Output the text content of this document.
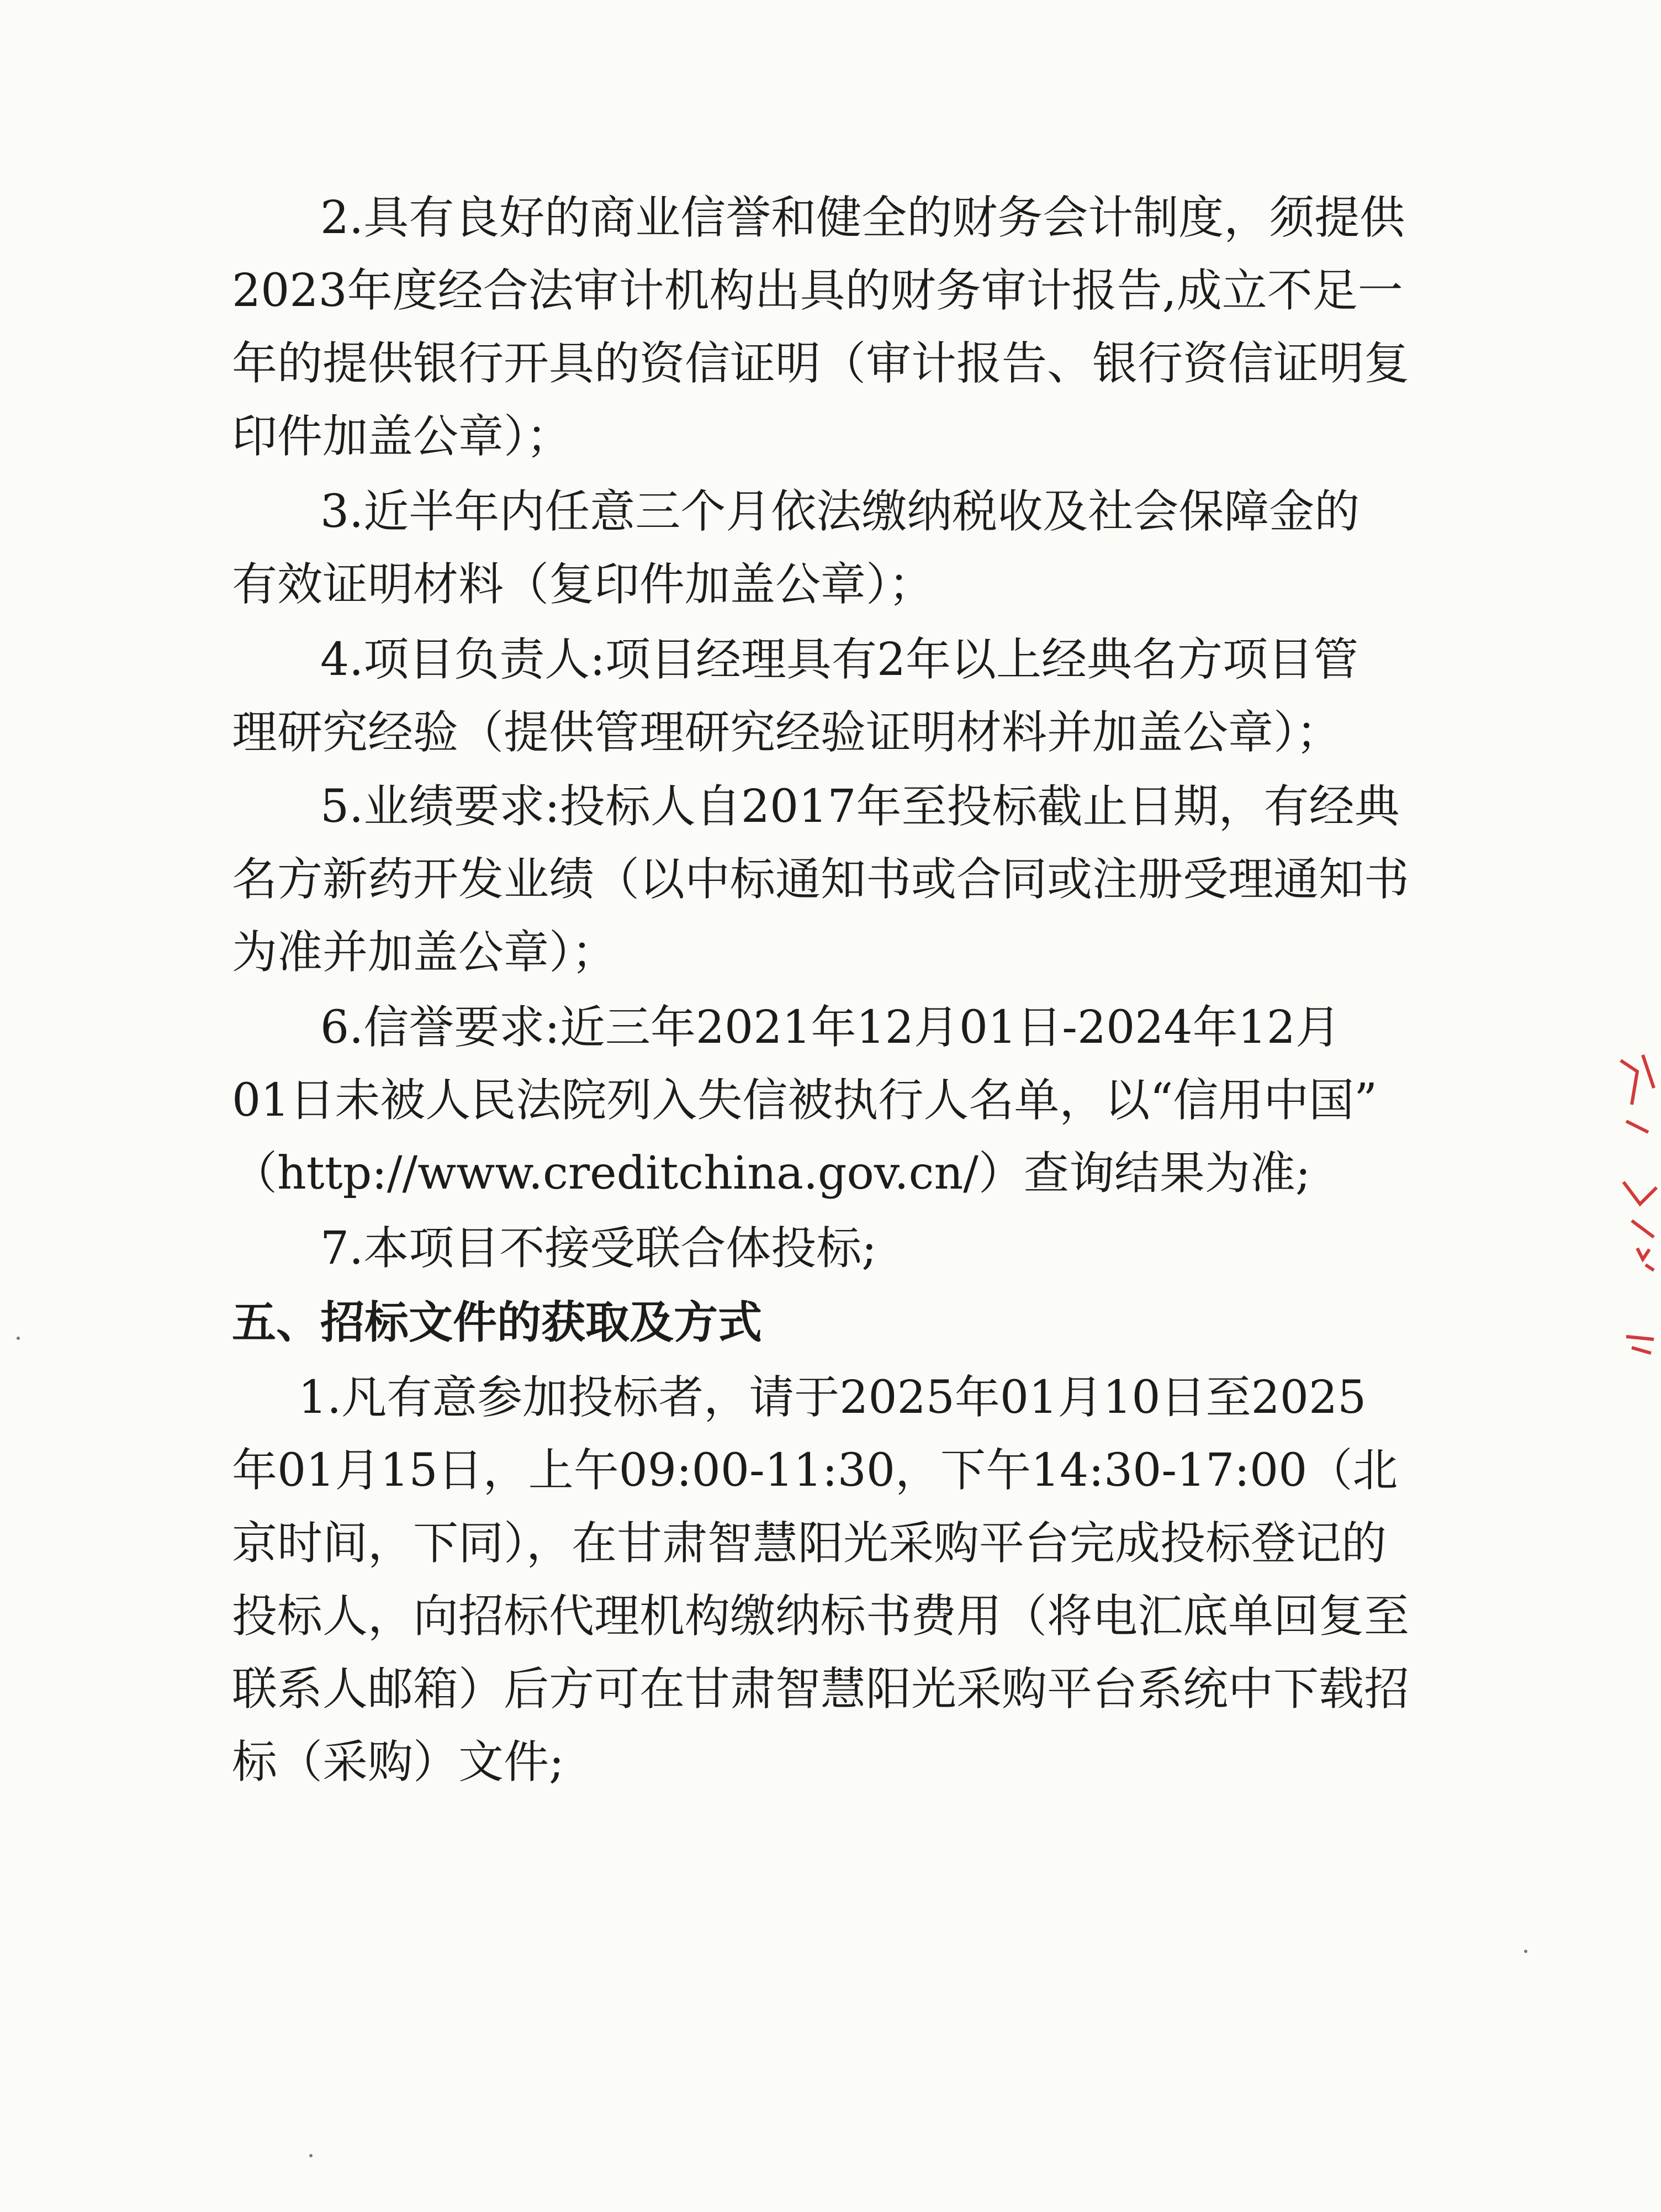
2.具有良好的商业信誉和健全的财务会计制度，须提供

2023年度经合法审计机构出具的财务审计报告,成立不足一

年的提供银行开具的资信证明（审计报告、银行资信证明复

印件加盖公章）；

3.近半年内任意三个月依法缴纳税收及社会保障金的

有效证明材料（复印件加盖公章）；

4.项目负责人:项目经理具有2年以上经典名方项目管

理研究经验（提供管理研究经验证明材料并加盖公章）；

5.业绩要求:投标人自2017年至投标截止日期，有经典

名方新药开发业绩（以中标通知书或合同或注册受理通知书

为准并加盖公章）；

6.信誉要求:近三年2021年12月01日-2024年12月

01日未被人民法院列入失信被执行人名单，以“信用中国”

（http://www.creditchina.gov.cn/）查询结果为准;

7.本项目不接受联合体投标;

五、招标文件的获取及方式

1.凡有意参加投标者，请于2025年01月10日至2025

年01月15日，上午09:00-11:30，下午14:30-17:00（北

京时间，下同），在甘肃智慧阳光采购平台完成投标登记的

投标人，向招标代理机构缴纳标书费用（将电汇底单回复至

联系人邮箱）后方可在甘肃智慧阳光采购平台系统中下载招

标（采购）文件;
